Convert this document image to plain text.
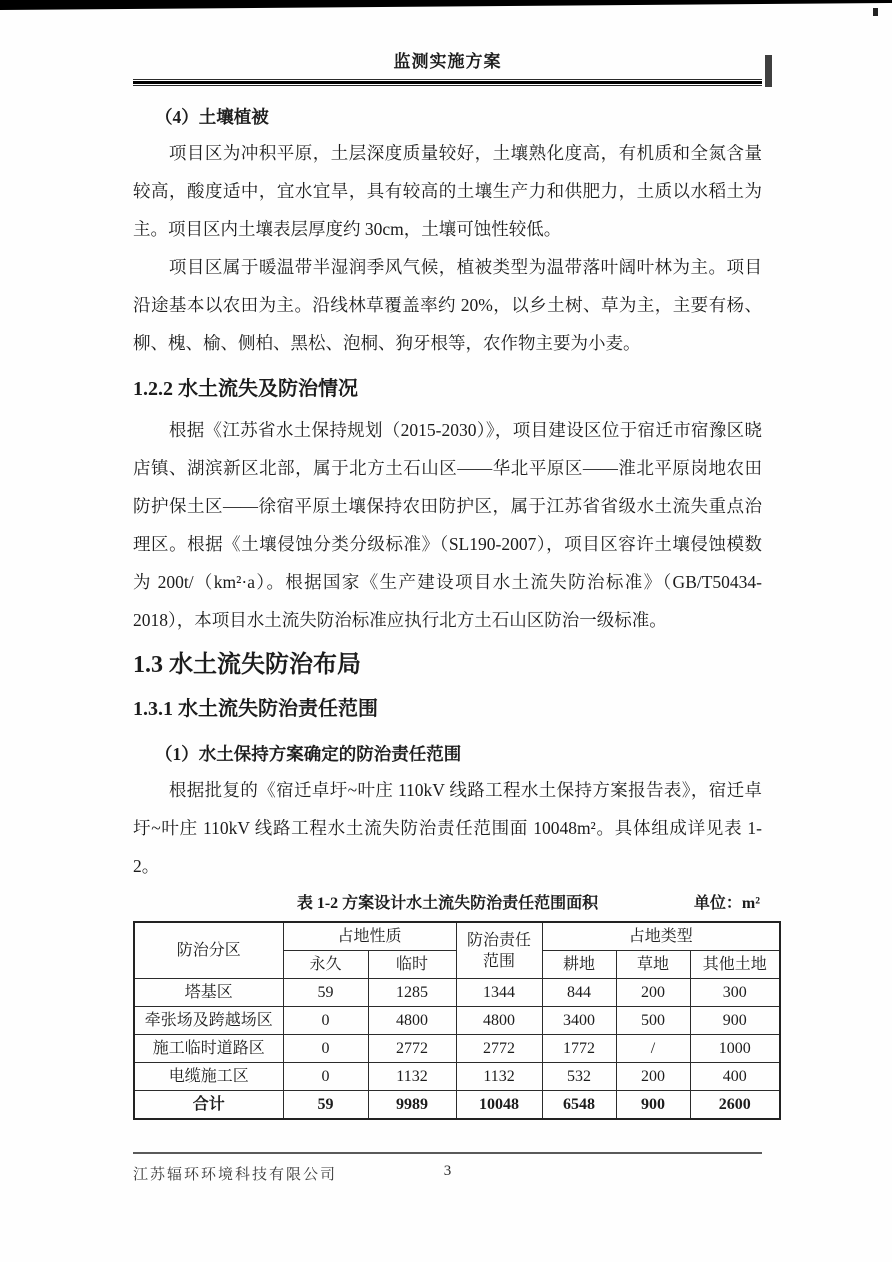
监测实施方案
（4）土壤植被

项目区为冲积平原，土层深度质量较好，土壤熟化度高，有机质和全氮含量较高，酸度适中，宜水宜旱，具有较高的土壤生产力和供肥力，土质以水稻土为主。项目区内土壤表层厚度约 30cm，土壤可蚀性较低。

项目区属于暖温带半湿润季风气候，植被类型为温带落叶阔叶林为主。项目沿途基本以农田为主。沿线林草覆盖率约 20%，以乡土树、草为主，主要有杨、柳、槐、榆、侧柏、黑松、泡桐、狗牙根等，农作物主要为小麦。

1.2.2 水土流失及防治情况

根据《江苏省水土保持规划（2015-2030）》，项目建设区位于宿迁市宿豫区晓店镇、湖滨新区北部，属于北方土石山区——华北平原区——淮北平原岗地农田防护保土区——徐宿平原土壤保持农田防护区，属于江苏省省级水土流失重点治理区。根据《土壤侵蚀分类分级标准》（SL190-2007），项目区容许土壤侵蚀模数为 200t/（km²·a）。根据国家《生产建设项目水土流失防治标准》（GB/T50434-2018），本项目水土流失防治标准应执行北方土石山区防治一级标准。

1.3 水土流失防治布局
1.3.1 水土流失防治责任范围
（1）水土保持方案确定的防治责任范围

根据批复的《宿迁卓圩~叶庄 110kV 线路工程水土保持方案报告表》，宿迁卓圩~叶庄 110kV 线路工程水土流失防治责任范围面 10048m²。具体组成详见表 1-2。

表 1-2 方案设计水土流失防治责任范围面积	单位：m²
防治分区	占地性质		防治责任 范围	占地类型		
	永久	临时		耕地	草地	其他土地
塔基区	59	1285	1344	844	200	300
牵张场及跨越场区	0	4800	4800	3400	500	900
施工临时道路区	0	2772	2772	1772	/	1000
电缆施工区	0	1132	1132	532	200	400
合计	59	9989	10048	6548	900	2600
江苏辐环环境科技有限公司	3
